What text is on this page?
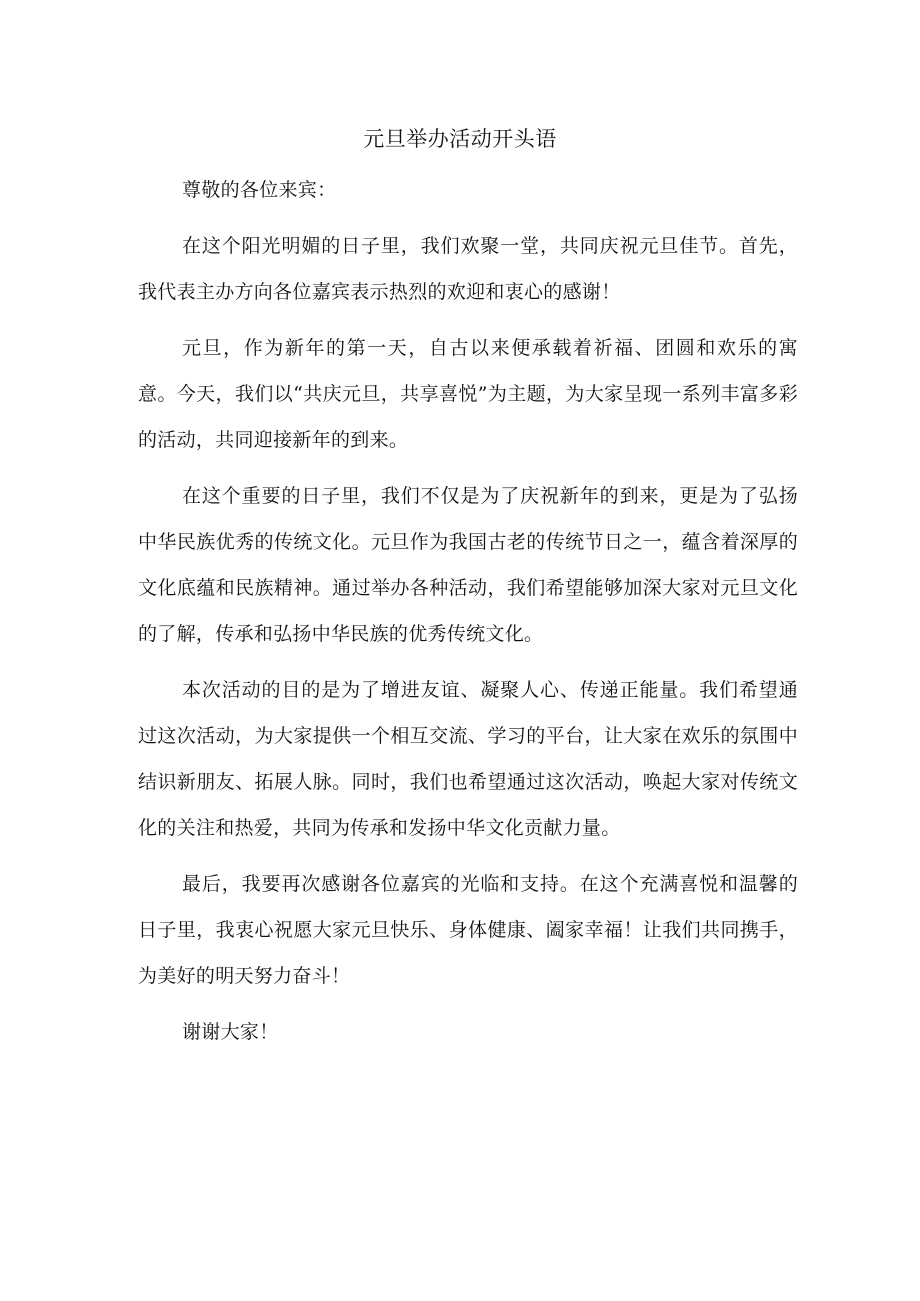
元旦举办活动开头语

尊敬的各位来宾：

在这个阳光明媚的日子里，我们欢聚一堂，共同庆祝元旦佳节。首先，我代表主办方向各位嘉宾表示热烈的欢迎和衷心的感谢！

元旦，作为新年的第一天，自古以来便承载着祈福、团圆和欢乐的寓意。今天，我们以“共庆元旦，共享喜悦”为主题，为大家呈现一系列丰富多彩的活动，共同迎接新年的到来。

在这个重要的日子里，我们不仅是为了庆祝新年的到来，更是为了弘扬中华民族优秀的传统文化。元旦作为我国古老的传统节日之一，蕴含着深厚的文化底蕴和民族精神。通过举办各种活动，我们希望能够加深大家对元旦文化的了解，传承和弘扬中华民族的优秀传统文化。

本次活动的目的是为了增进友谊、凝聚人心、传递正能量。我们希望通过这次活动，为大家提供一个相互交流、学习的平台，让大家在欢乐的氛围中结识新朋友、拓展人脉。同时，我们也希望通过这次活动，唤起大家对传统文化的关注和热爱，共同为传承和发扬中华文化贡献力量。

最后，我要再次感谢各位嘉宾的光临和支持。在这个充满喜悦和温馨的日子里，我衷心祝愿大家元旦快乐、身体健康、阖家幸福！让我们共同携手，为美好的明天努力奋斗！

谢谢大家！
